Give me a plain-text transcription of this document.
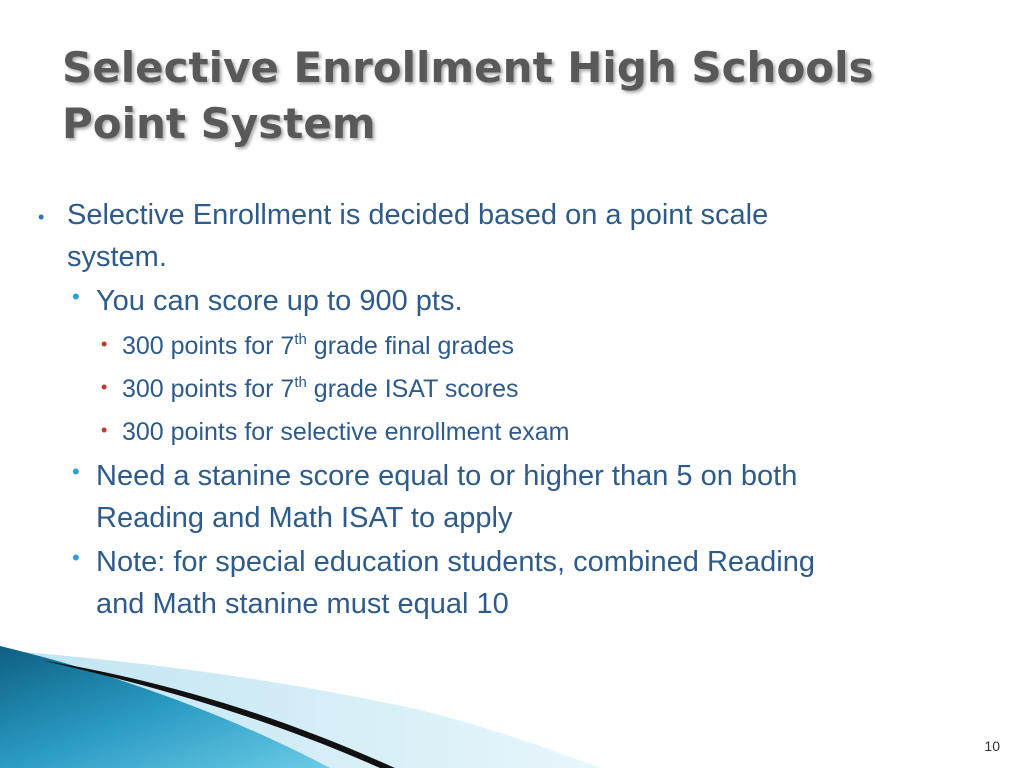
Selective Enrollment High Schools
Point System
• Selective Enrollment is decided based on a point scale
system.
• You can score up to 900 pts.
• 300 points for 7th grade final grades
• 300 points for 7th grade ISAT scores
• 300 points for selective enrollment exam
• Need a stanine score equal to or higher than 5 on both
Reading and Math ISAT to apply
• Note: for special education students, combined Reading
and Math stanine must equal 10
10
